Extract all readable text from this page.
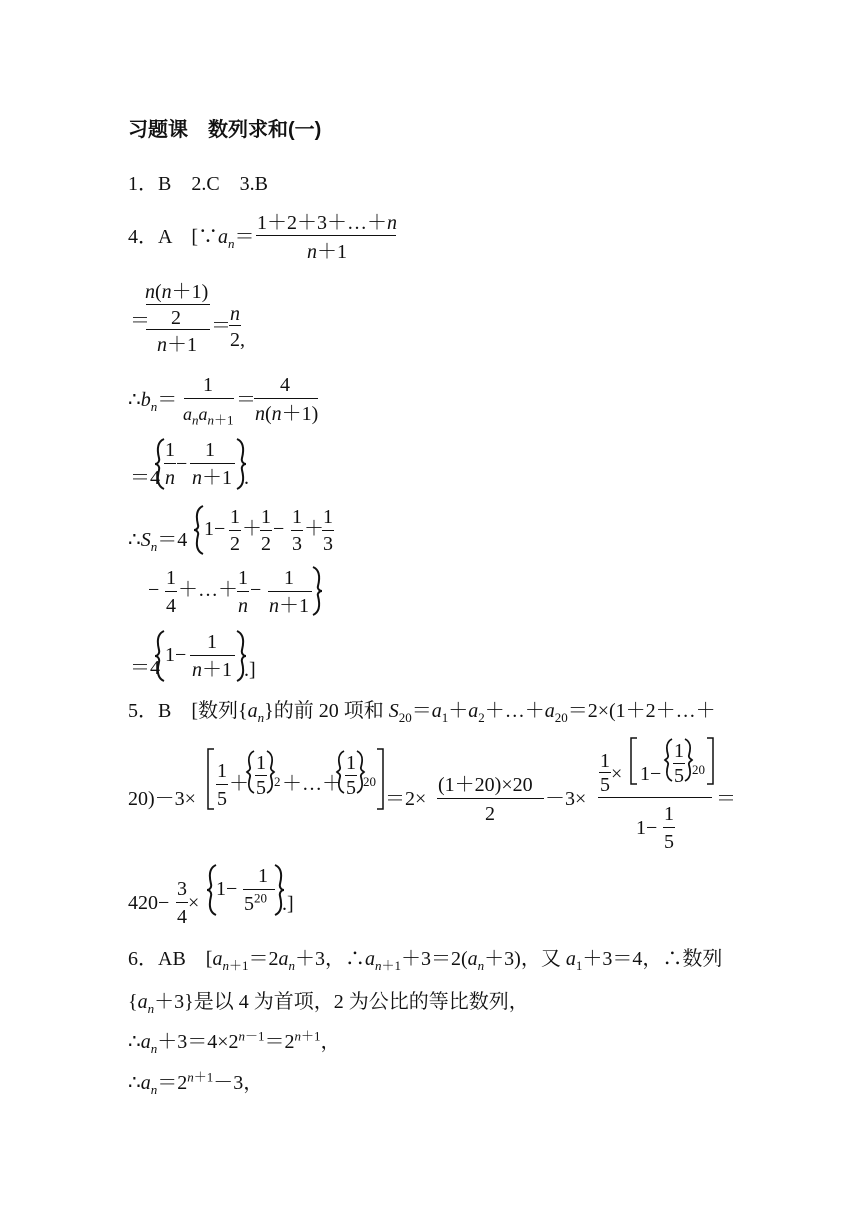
习题课　数列求和(一)
1．B　2.C　3.B
4．A　[$\because a_n=$
1＋2＋3＋…＋n
n＋1
n(n＋1)
＝ 2
n＋1
＝
n
2,
$\therefore b_n=$
1
$a_na_{n+1}$
＝
4
n(n＋1)
＝4
1
n
−
1
n＋1 .
$\therefore S_n=4$ 1−
1
2
＋
1
2
−
1
3
＋
1
3
−
1
4
＋…＋
1
n
−
1
n＋1
＝4
1−
1
n＋1 .]
5．B　[数列$\{a_n\}$的前 20 项和 $S_{20}=a_1+a_2+\dots+a_{20}=2\times(1+2+\dots+$
20)－3×
1
5
＋
1
5 2 ＋…＋
1
5 20
＝2×
(1＋20)×20
2
－3×
1
5 × 1−
1
5 20
1−
1
5
＝
420−
3
4
×
1−
1
$5^{20}$ .]
6．AB　[$a_{n+1}=2a_n+3$，$\therefore a_{n+1}+3=2(a_n+3)$，又 $a_1+3=4$，∴数列
$\{a_n+3\}$是以 4 为首项，2 为公比的等比数列，
$\therefore a_n+3=4\times 2^{n-1}=2^{n+1}$，
$\therefore a_n=2^{n+1}-3$，
